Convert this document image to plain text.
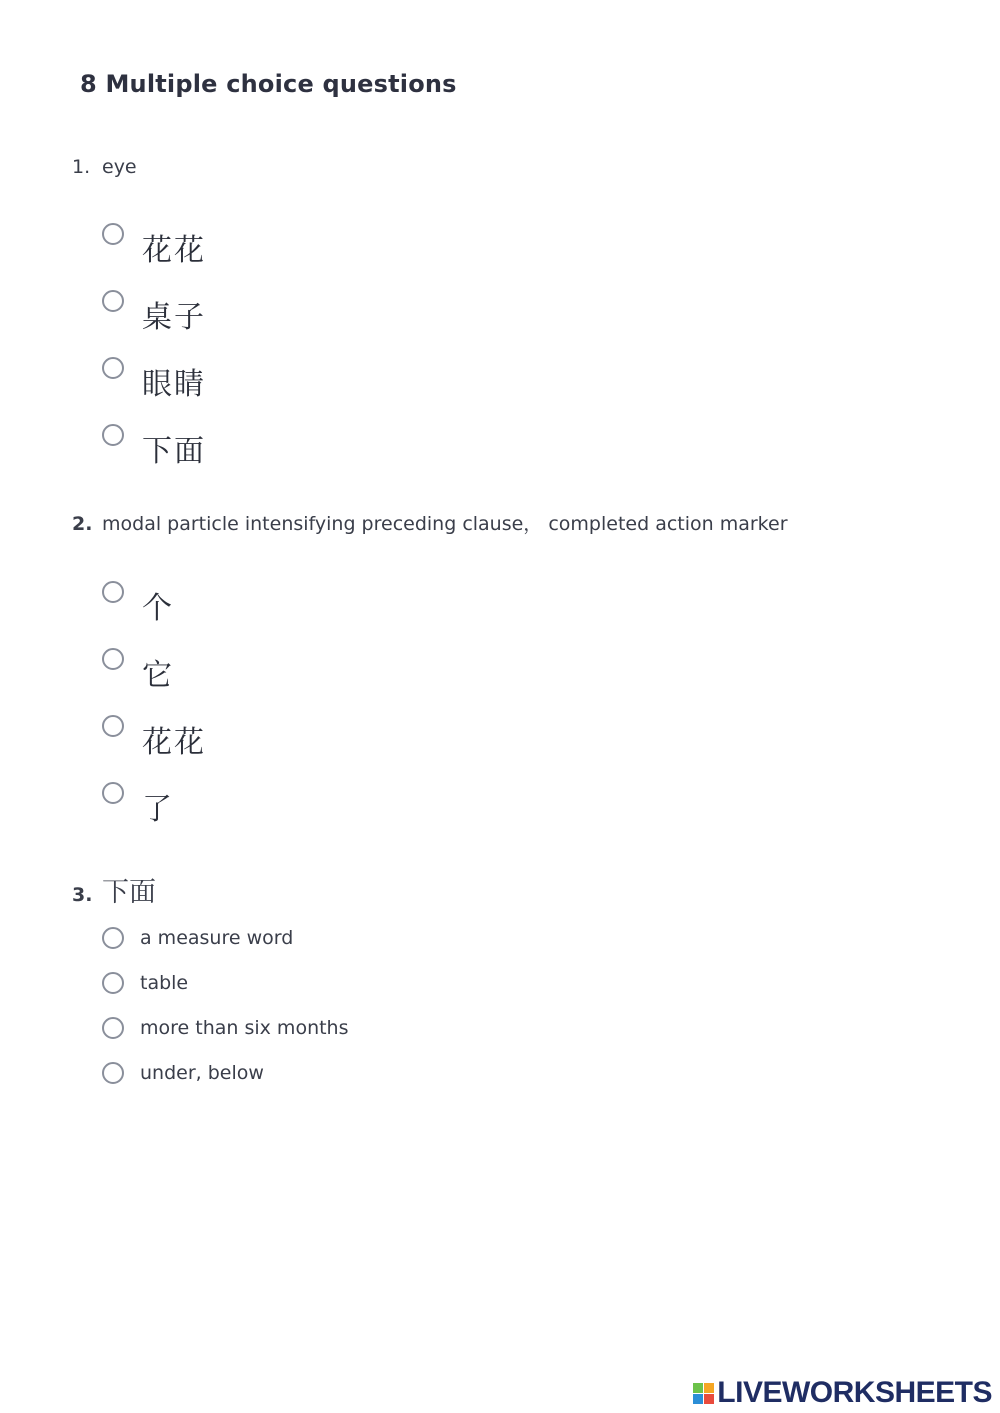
8 Multiple choice questions
1. eye
花花
桌子
眼睛
下面
2. modal particle intensifying preceding clause， completed action marker
个
它
花花
了
3. 下面
a measure word
table
more than six months
under, below
LIVEWORKSHEETS
